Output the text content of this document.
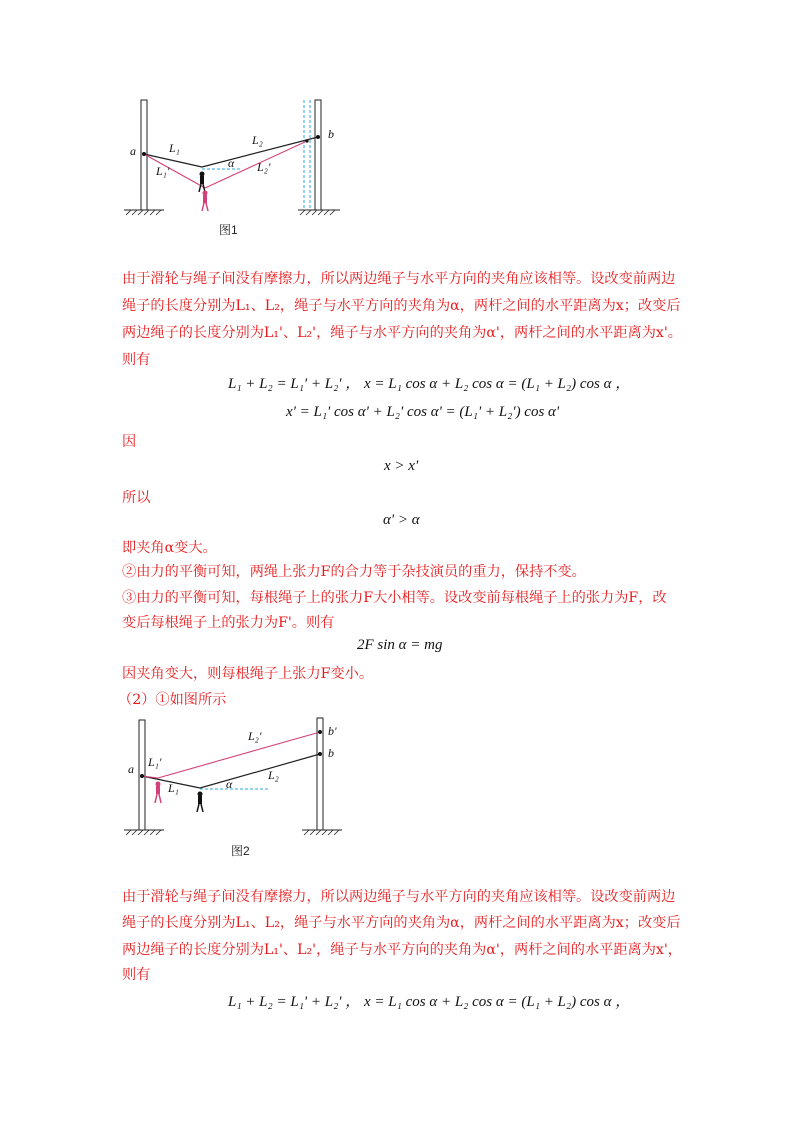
a
b
L₁
L₂
L₁'	L₂'
α
图1

由于滑轮与绳子间没有摩擦力，所以两边绳子与水平方向的夹角应该相等。设改变前两边

绳子的长度分别为L₁、L₂，绳子与水平方向的夹角为α，两杆之间的水平距离为x；改变后

两边绳子的长度分别为L₁'、L₂'，绳子与水平方向的夹角为α'，两杆之间的水平距离为x'。

则有

L₁ + L₂ = L₁' + L₂' ， x = L₁ cos α + L₂ cos α = (L₁ + L₂) cos α ，
x' = L₁' cos α' + L₂' cos α' = (L₁' + L₂') cos α'

因

x > x'

所以

α' > α

即夹角α变大。

②由力的平衡可知，两绳上张力F的合力等于杂技演员的重力，保持不变。

③由力的平衡可知，每根绳子上的张力F大小相等。设改变前每根绳子上的张力为F，改

变后每根绳子上的张力为F'。则有

2F sin α = mg

因夹角变大，则每根绳子上张力F变小。

（2）①如图所示

a
b
b'
L₁'
L₁
L₂'
L₂
α
图2

由于滑轮与绳子间没有摩擦力，所以两边绳子与水平方向的夹角应该相等。设改变前两边

绳子的长度分别为L₁、L₂，绳子与水平方向的夹角为α，两杆之间的水平距离为x；改变后

两边绳子的长度分别为L₁'、L₂'，绳子与水平方向的夹角为α'，两杆之间的水平距离为x'，

则有

L₁ + L₂ = L₁' + L₂' ， x = L₁ cos α + L₂ cos α = (L₁ + L₂) cos α ，
